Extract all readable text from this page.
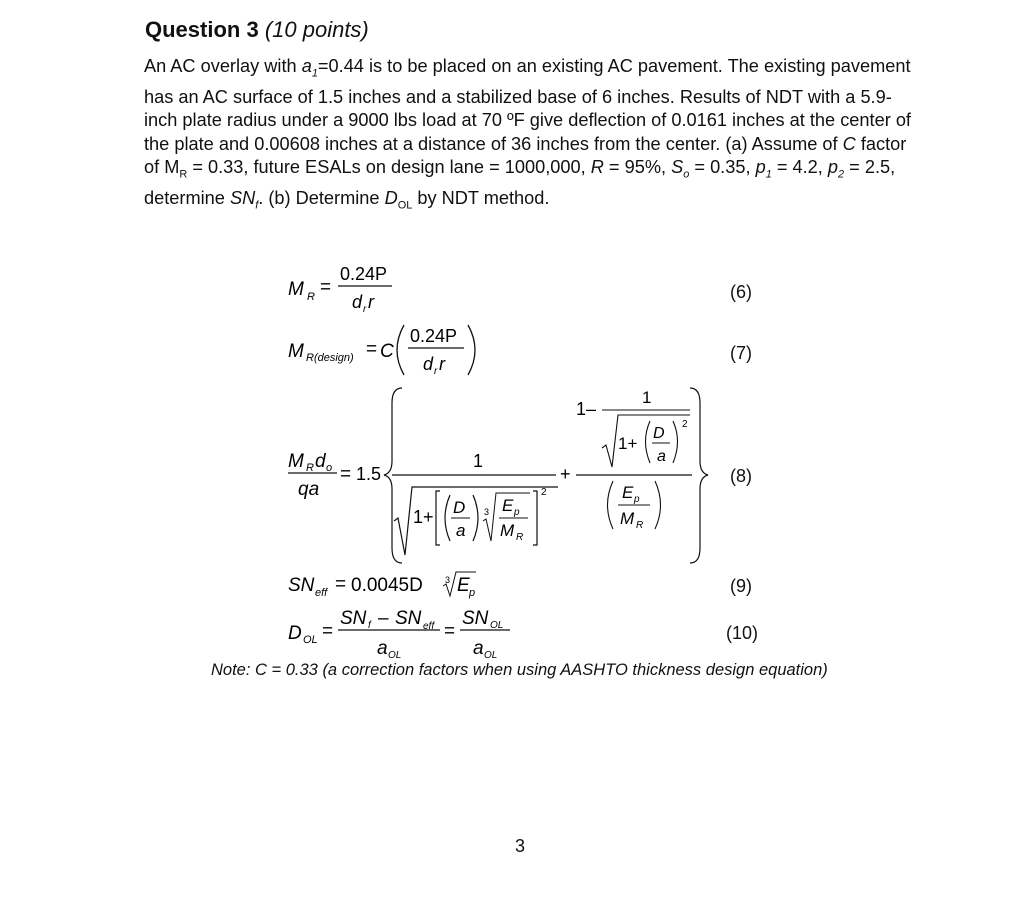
Question 3 (10 points)
An AC overlay with $a_1=0.44$ is to be placed on an existing AC pavement. The existing pavement has an AC surface of 1.5 inches and a stabilized base of 6 inches. Results of NDT with a 5.9-inch plate radius under a 9000 lbs load at 70 ºF give deflection of 0.0161 inches at the center of the plate and 0.00608 inches at a distance of 36 inches from the center. (a) Assume of C factor of $M_R = 0.33$, future ESALs on design lane = 1000,000, R = 95%, $S_o = 0.35$, $p_1 = 4.2$, $p_2 = 2.5$, determine $SN_f$. (b) Determine $D_{OL}$ by NDT method.
M R =
0.24P
d r r	(6)
M R(design) = C
0.24P
d r r
(7)
M R d o
qa
= 1.5
1
1+ D
a
3 E p
M R
2
+
1–
1
1+
D
a
2
E p
M R
(8)
SN eff = 0.0045D 3 E p	(9)
D OL =
SN f – SN eff
a OL
=
SN OL
a OL
(10)
Note: C = 0.33 (a correction factors when using AASHTO thickness design equation)
3
